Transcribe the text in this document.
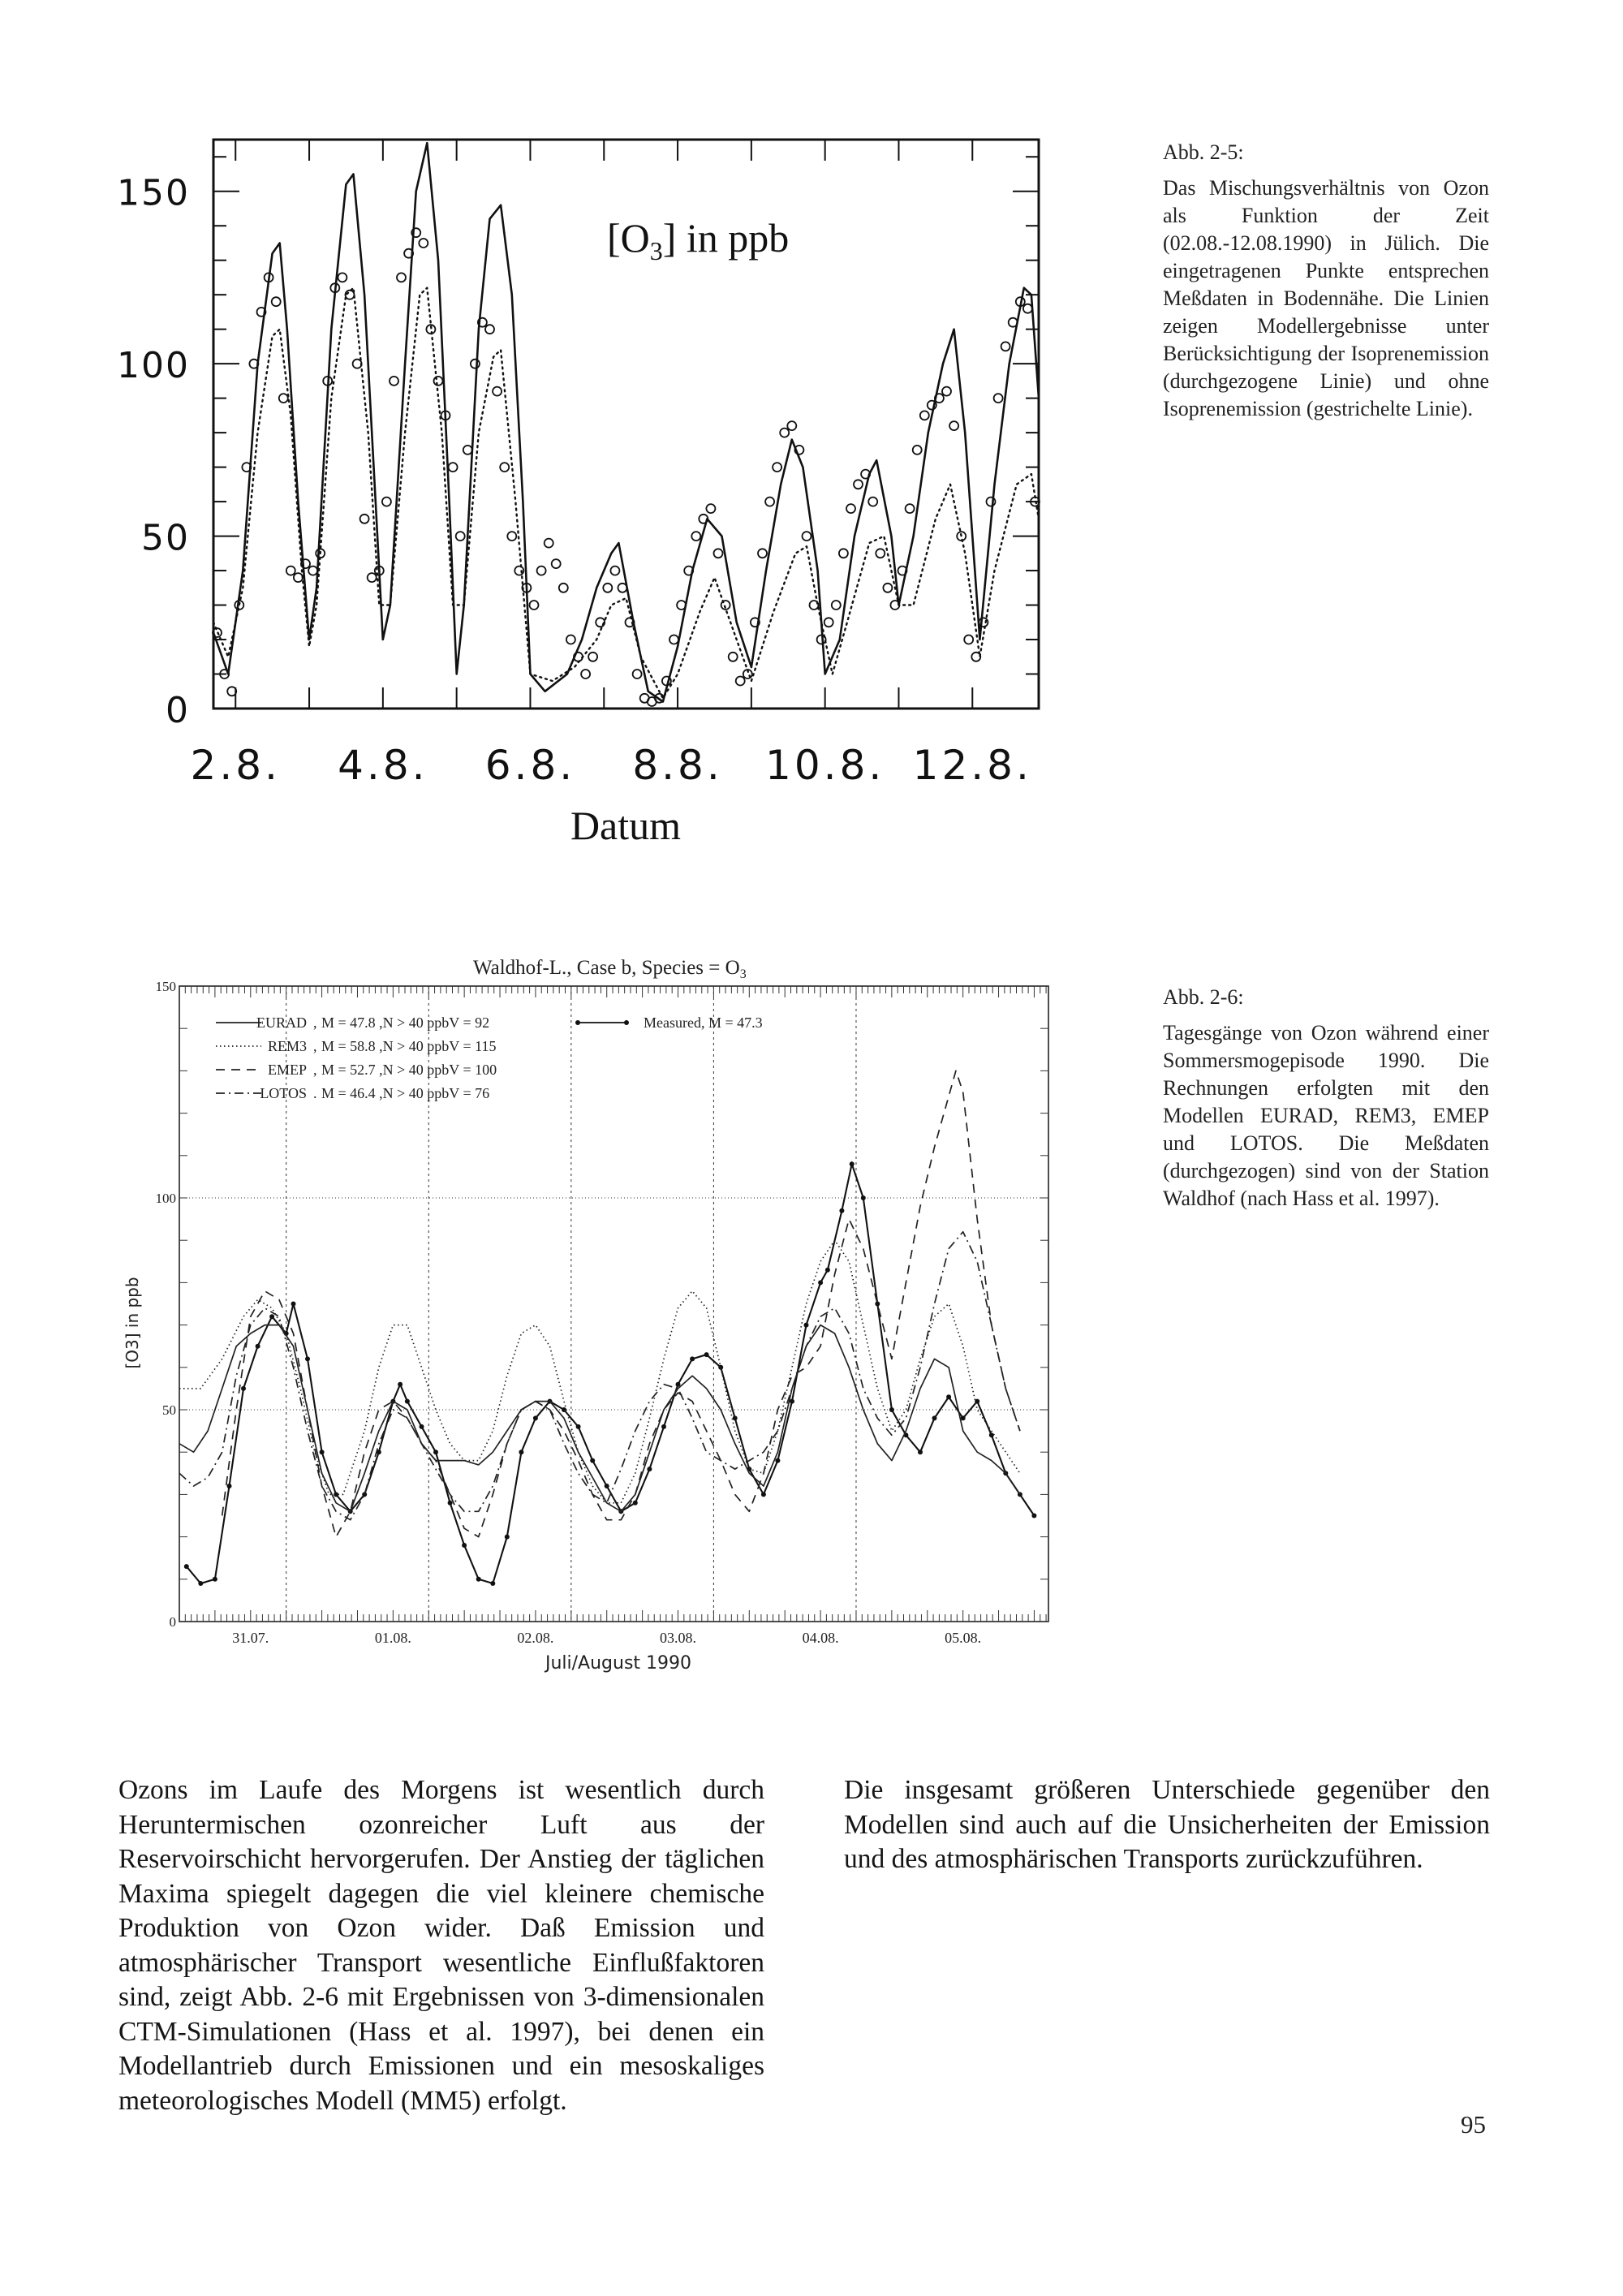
0
50
100
150
2.8. 4.8. 6.8. 8.8. 10.8. 12.8.
$[O_3]$ in ppb
Datum
Abb. 2-5:

Das Mischungsverhältnis von Ozon als Funktion der Zeit (02.08.-12.08.1990) in Jülich. Die eingetragenen Punkte entsprechen Meßdaten in Bodennähe. Die Linien zeigen Modellergebnisse unter Berücksichtigung der Isoprenemission (durchgezogene Linie) und ohne Isoprenemission (gestrichelte Linie).

0
50
100
150
31.07.	01.08.	02.08.	03.08.	04.08.	05.08.
Waldhof-L., Case b, Species = $O_3$
Juli/August 1990
[O3] in ppb
EURAD , M = 47.8 ,N > 40 ppbV = 92
REM3 , M = 58.8 ,N > 40 ppbV = 115
EMEP , M = 52.7 ,N > 40 ppbV = 100
LOTOS . M = 46.4 ,N > 40 ppbV = 76
Measured, M = 47.3
Abb. 2-6:

Tagesgänge von Ozon während einer Sommersmogepisode 1990. Die Rechnungen erfolgten mit den Modellen EURAD, REM3, EMEP und LOTOS. Die Meßdaten (durchgezogen) sind von der Station Waldhof (nach Hass et al. 1997).

Ozons im Laufe des Morgens ist wesentlich durch Heruntermischen ozonreicher Luft aus der Reservoirschicht hervorgerufen. Der Anstieg der täglichen Maxima spiegelt dagegen die viel kleinere chemische Produktion von Ozon wider. Daß Emission und atmosphärischer Transport wesentliche Einflußfaktoren sind, zeigt Abb. 2-6 mit Ergebnissen von 3-dimensionalen CTM-Simulationen (Hass et al. 1997), bei denen ein Modellantrieb durch Emissionen und ein mesoskaliges meteorologisches Modell (MM5) erfolgt.

Die insgesamt größeren Unterschiede gegenüber den Modellen sind auch auf die Unsicherheiten der Emission und des atmosphärischen Transports zurückzuführen.

95
